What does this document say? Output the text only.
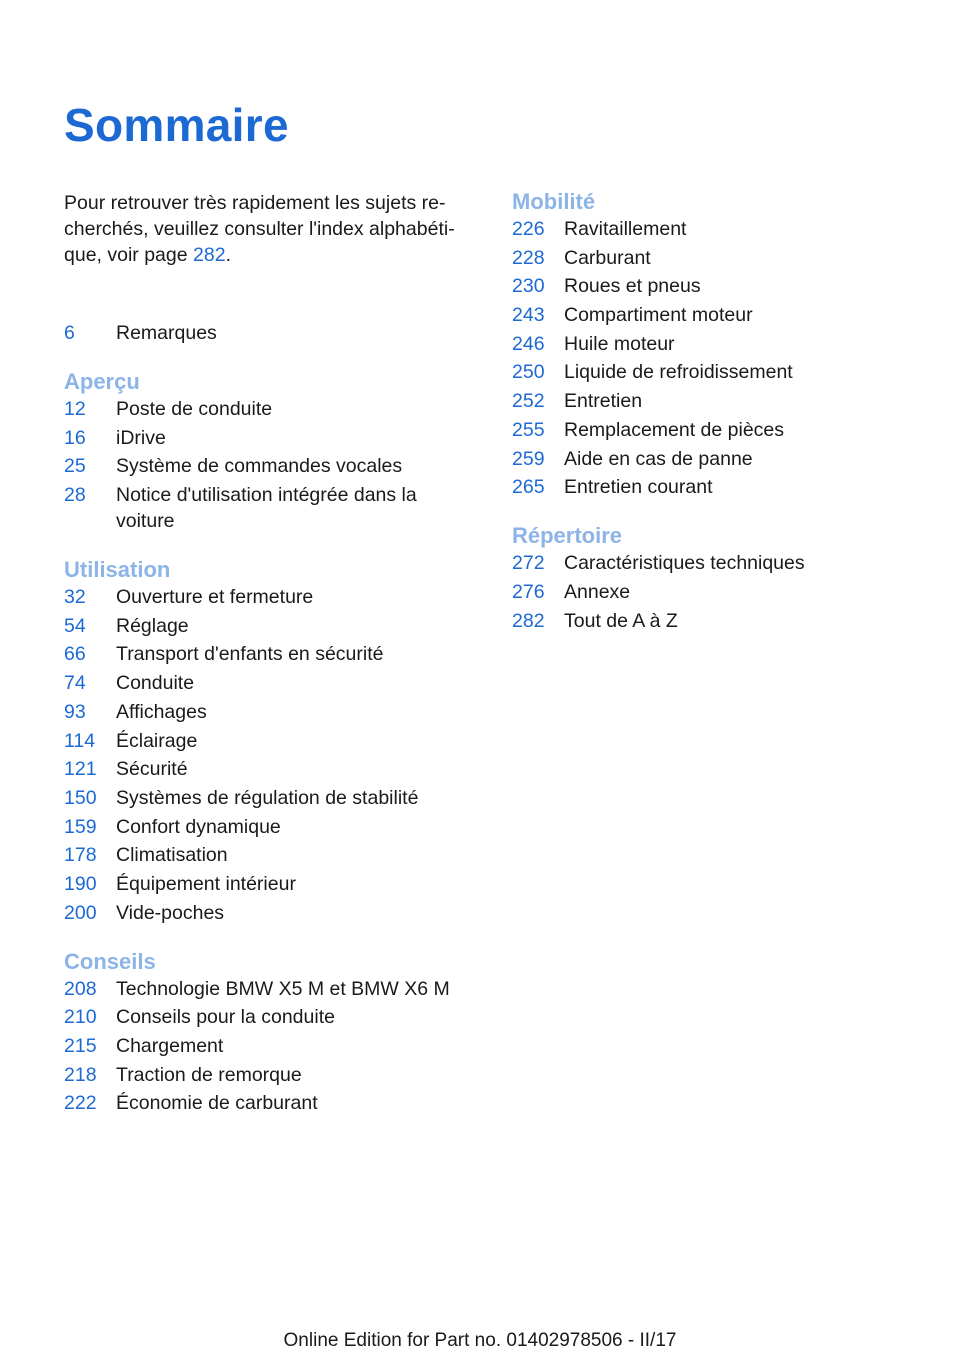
Sommaire

Pour retrouver très rapidement les sujets re‑ cherchés, veuillez consulter l'index alphabéti‑ que, voir page 282.

6	Remarques
Aperçu
12	Poste de conduite
16	iDrive
25	Système de commandes vocales
28	Notice d'utilisation intégrée dans la voiture
Utilisation
32	Ouverture et fermeture
54	Réglage
66	Transport d'enfants en sécurité
74	Conduite
93	Affichages
114	Éclairage
121 Sécurité
150 Systèmes de régulation de stabilité
159 Confort dynamique
178 Climatisation
190 Équipement intérieur
200 Vide-poches
Conseils
208 Technologie BMW X5 M et BMW X6 M
210 Conseils pour la conduite
215 Chargement
218 Traction de remorque
222 Économie de carburant
Mobilité
226 Ravitaillement
228 Carburant
230 Roues et pneus
243 Compartiment moteur
246 Huile moteur
250 Liquide de refroidissement
252 Entretien
255 Remplacement de pièces
259 Aide en cas de panne
265 Entretien courant
Répertoire
272 Caractéristiques techniques
276 Annexe
282 Tout de A à Z
Online Edition for Part no. 01402978506 - II/17
